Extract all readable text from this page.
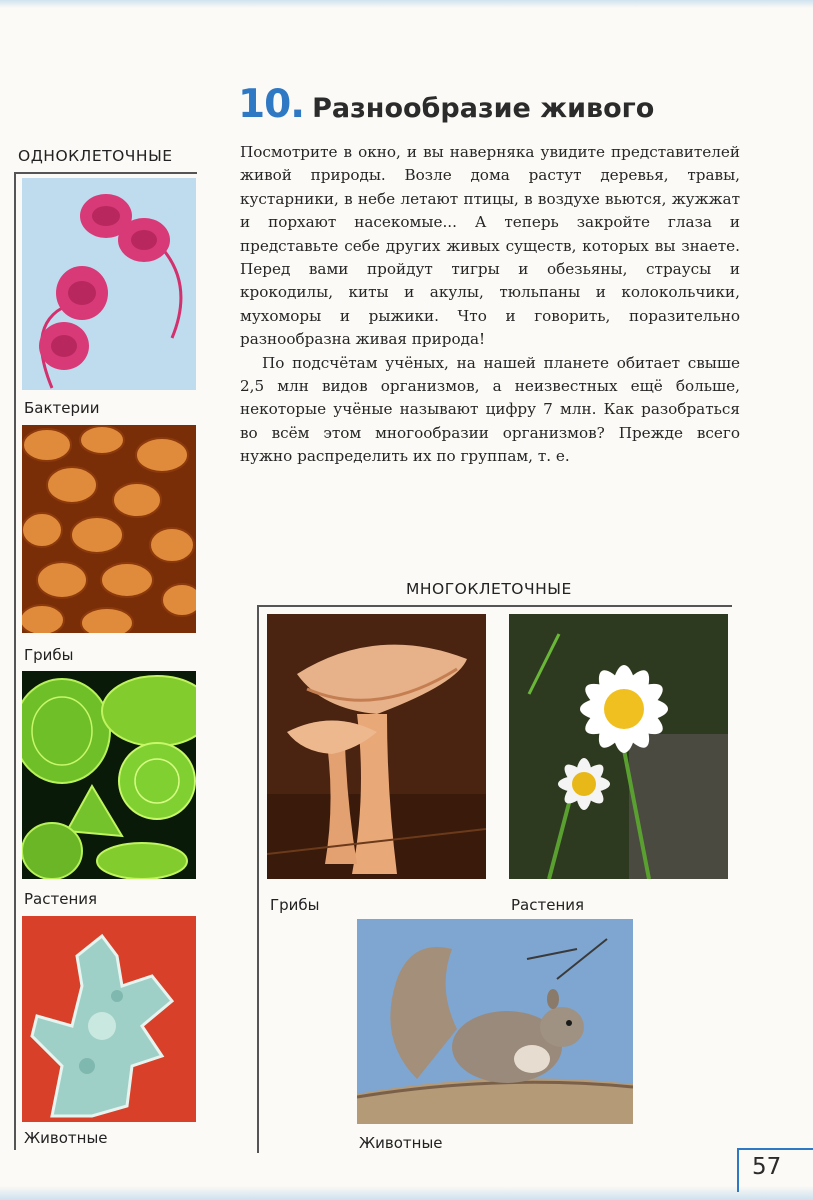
10. Разнообразие живого

Посмотрите в окно, и вы наверняка увидите представителей живой природы. Возле дома растут деревья, травы, кустарники, в небе летают птицы, в воздухе вьются, жужжат и порхают насекомые... А теперь закройте глаза и представьте себе других живых существ, которых вы знаете. Перед вами пройдут тигры и обезьяны, страусы и крокодилы, киты и акулы, тюльпаны и колокольчики, мухоморы и рыжики. Что и говорить, поразительно разнообразна живая природа!

По подсчётам учёных, на нашей планете обитает свыше 2,5 млн видов организмов, а неизвестных ещё больше, некоторые учёные называют цифру 7 млн. Как разобраться во всём этом многообразии организмов? Прежде всего нужно распределить их по группам, т. е.

ОДНОКЛЕТОЧНЫЕ
Бактерии
Грибы
Растения
Животные
МНОГОКЛЕТОЧНЫЕ
Грибы	Растения
Животные
57
